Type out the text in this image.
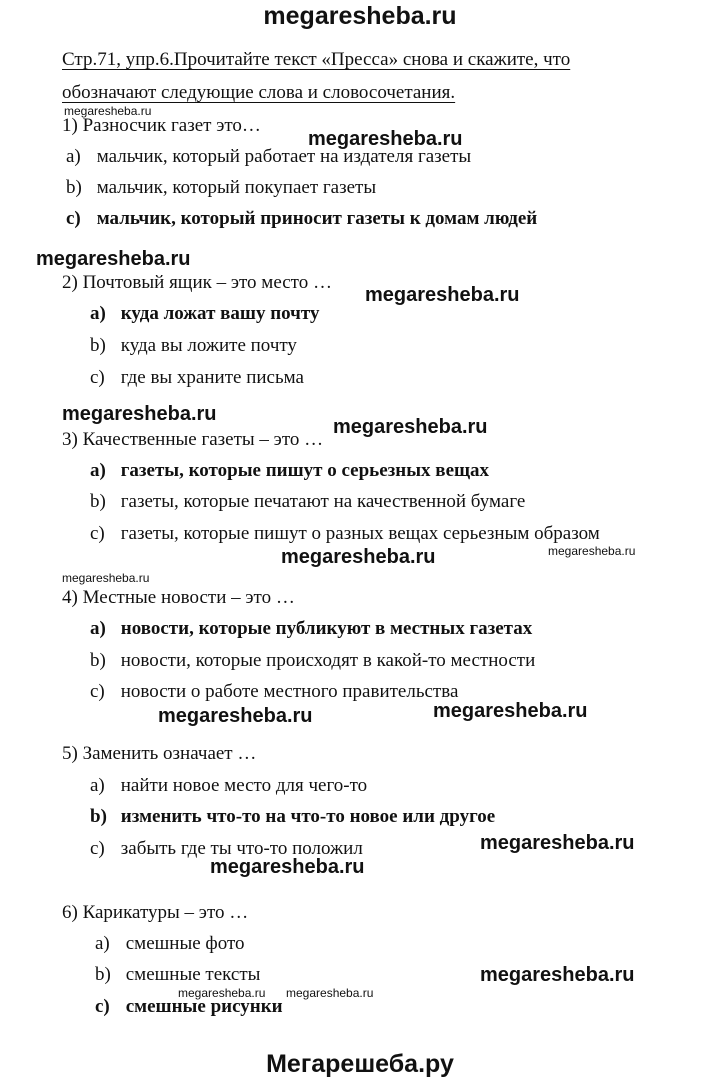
megaresheba.ru
Стр.71, упр.6.Прочитайте текст «Пресса» снова и скажите, что
обозначают следующие слова и словосочетания.
1) Разносчик газет это…
a) мальчик, который работает на издателя газеты
b) мальчик, который покупает газеты
c) мальчик, который приносит газеты к домам людей
2) Почтовый ящик – это место …
a) куда ложат вашу почту
b) куда вы ложите почту
c) где вы храните письма
3) Качественные газеты – это …
a) газеты, которые пишут о серьезных вещах
b) газеты, которые печатают на качественной бумаге
c) газеты, которые пишут о разных вещах серьезным образом
4) Местные новости – это …
a) новости, которые публикуют в местных газетах
b) новости, которые происходят в какой-то местности
c) новости о работе местного правительства
5) Заменить означает …
a) найти новое место для чего-то
b) изменить что-то на что-то новое или другое
c) забыть где ты что-то положил
6) Карикатуры – это …
a) смешные фото
b) смешные тексты
c) смешные рисунки
megaresheba.ru
megaresheba.ru
megaresheba.ru
megaresheba.ru
megaresheba.ru
megaresheba.ru
megaresheba.ru	megaresheba.ru
megaresheba.ru
megaresheba.ru	megaresheba.ru
megaresheba.ru
megaresheba.ru
megaresheba.ru
megaresheba.ru megaresheba.ru
Мегарешеба.ру
